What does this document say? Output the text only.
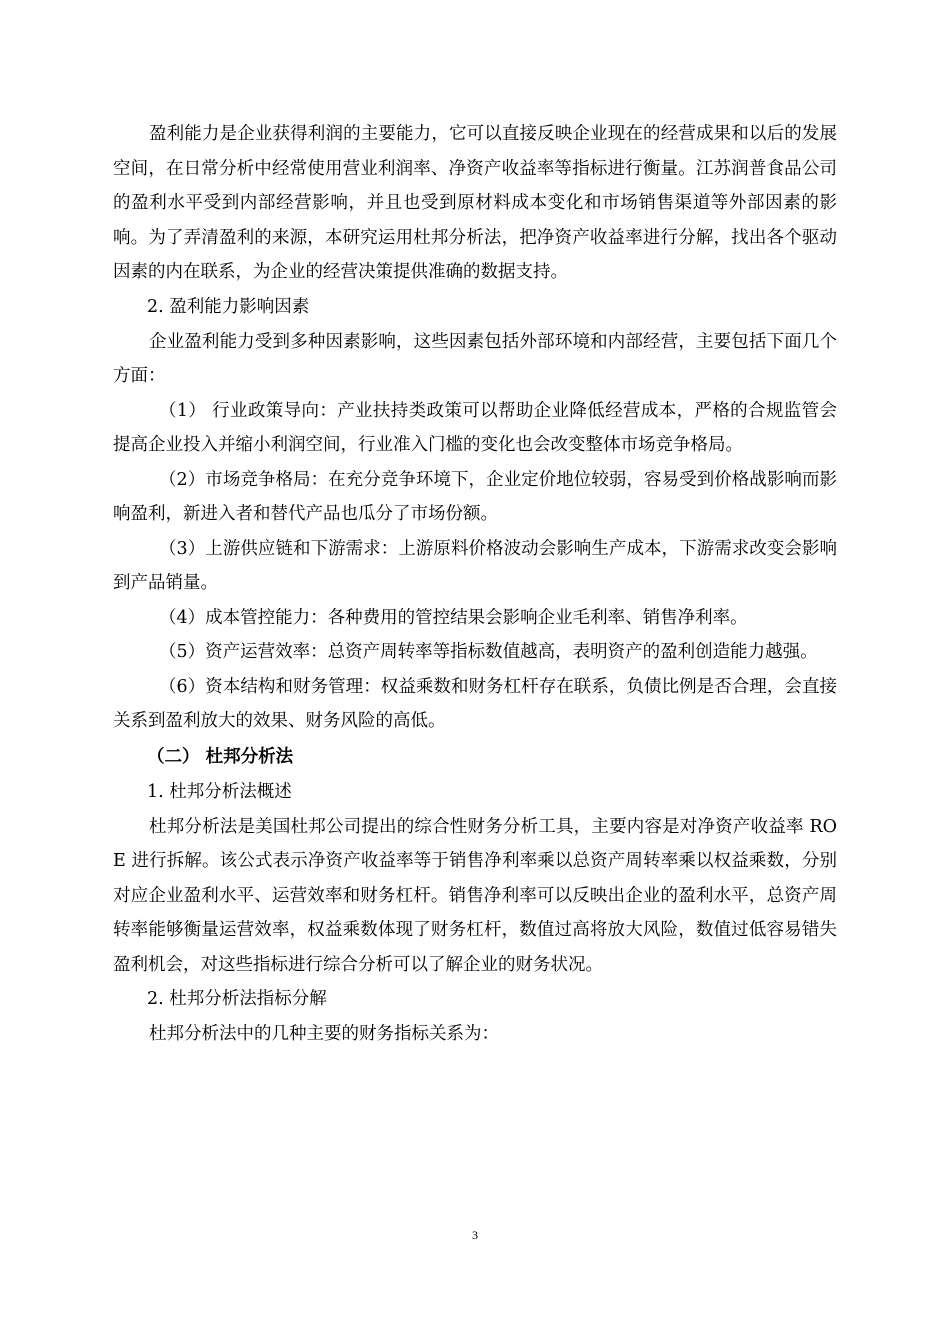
盈利能力是企业获得利润的主要能力，它可以直接反映企业现在的经营成果和以后的发展空间，在日常分析中经常使用营业利润率、净资产收益率等指标进行衡量。江苏润普食品公司的盈利水平受到内部经营影响，并且也受到原材料成本变化和市场销售渠道等外部因素的影响。为了弄清盈利的来源，本研究运用杜邦分析法，把净资产收益率进行分解，找出各个驱动因素的内在联系，为企业的经营决策提供准确的数据支持。

2. 盈利能力影响因素

企业盈利能力受到多种因素影响，这些因素包括外部环境和内部经营，主要包括下面几个方面：

（1） 行业政策导向：产业扶持类政策可以帮助企业降低经营成本，严格的合规监管会提高企业投入并缩小利润空间，行业准入门槛的变化也会改变整体市场竞争格局。

（2）市场竞争格局：在充分竞争环境下，企业定价地位较弱，容易受到价格战影响而影响盈利，新进入者和替代产品也瓜分了市场份额。

（3）上游供应链和下游需求：上游原料价格波动会影响生产成本，下游需求改变会影响到产品销量。

（4）成本管控能力：各种费用的管控结果会影响企业毛利率、销售净利率。

（5）资产运营效率：总资产周转率等指标数值越高，表明资产的盈利创造能力越强。

（6）资本结构和财务管理：权益乘数和财务杠杆存在联系，负债比例是否合理，会直接关系到盈利放大的效果、财务风险的高低。

（二） 杜邦分析法

1. 杜邦分析法概述

杜邦分析法是美国杜邦公司提出的综合性财务分析工具，主要内容是对净资产收益率 ROE 进行拆解。该公式表示净资产收益率等于销售净利率乘以总资产周转率乘以权益乘数，分别对应企业盈利水平、运营效率和财务杠杆。销售净利率可以反映出企业的盈利水平，总资产周转率能够衡量运营效率，权益乘数体现了财务杠杆，数值过高将放大风险，数值过低容易错失盈利机会，对这些指标进行综合分析可以了解企业的财务状况。

2. 杜邦分析法指标分解

杜邦分析法中的几种主要的财务指标关系为：

3
